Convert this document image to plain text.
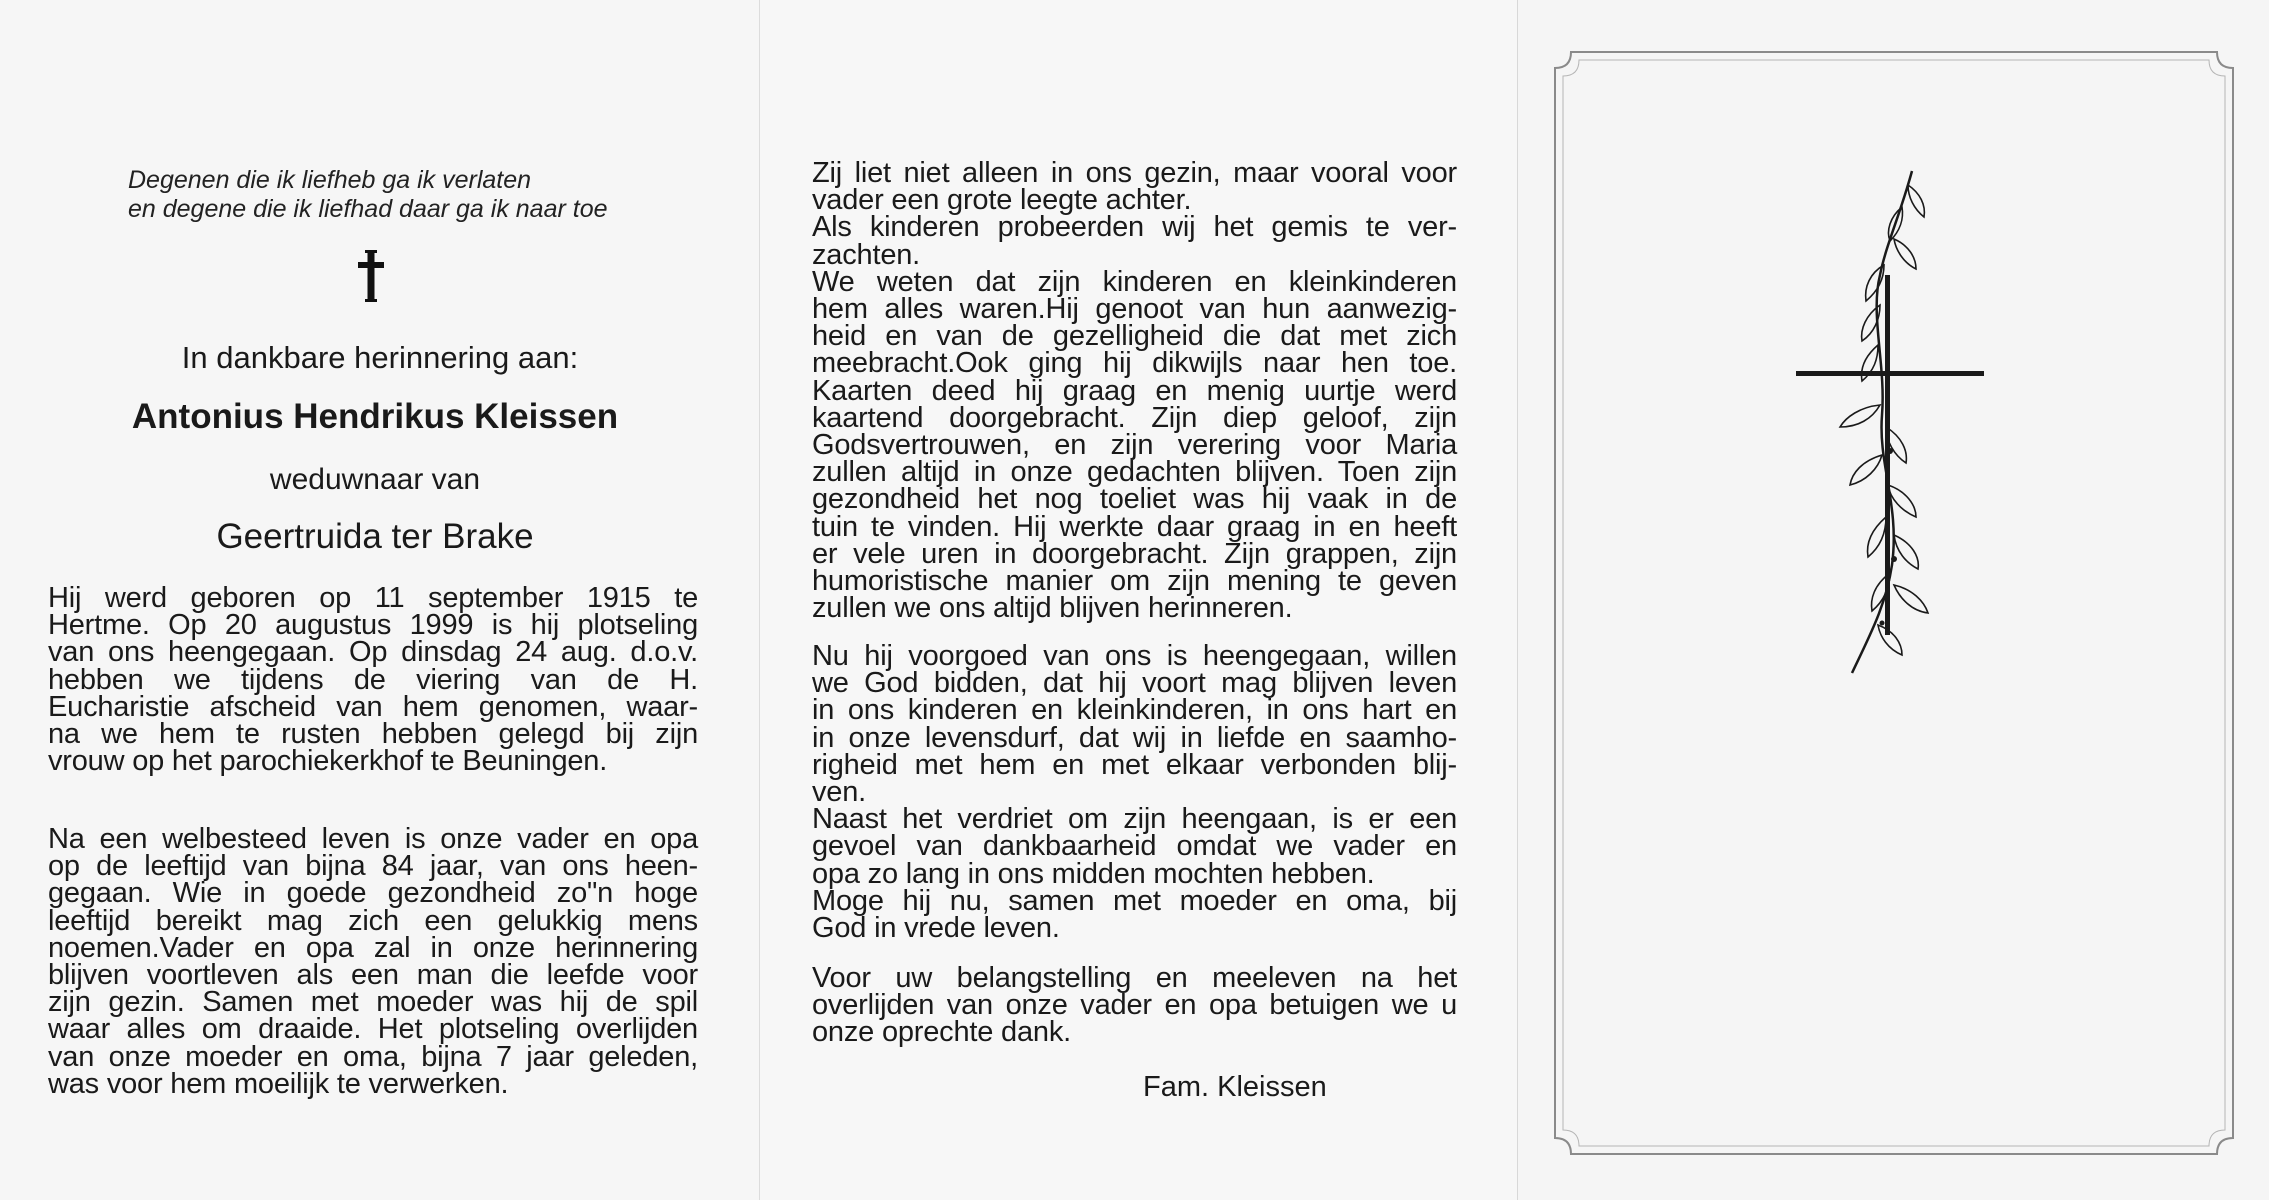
Degenen die ik liefheb ga ik verlaten
en degene die ik liefhad daar ga ik naar toe
In dankbare herinnering aan:
Antonius Hendrikus Kleissen
weduwnaar van
Geertruida ter Brake
Hij werd geboren op 11 september 1915 te
Hertme. Op 20 augustus 1999 is hij plotseling
van ons heengegaan. Op dinsdag 24 aug. d.o.v.
hebben we tijdens de viering van de H.
Eucharistie afscheid van hem genomen, waar-
na we hem te rusten hebben gelegd bij zijn
vrouw op het parochiekerkhof te Beuningen.
Na een welbesteed leven is onze vader en opa
op de leeftijd van bijna 84 jaar, van ons heen-
gegaan. Wie in goede gezondheid zo"n hoge
leeftijd bereikt mag zich een gelukkig mens
noemen.Vader en opa zal in onze herinnering
blijven voortleven als een man die leefde voor
zijn gezin. Samen met moeder was hij de spil
waar alles om draaide. Het plotseling overlijden
van onze moeder en oma, bijna 7 jaar geleden,
was voor hem moeilijk te verwerken.
Zij liet niet alleen in ons gezin, maar vooral voor
vader een grote leegte achter.
Als kinderen probeerden wij het gemis te ver-
zachten.
We weten dat zijn kinderen en kleinkinderen
hem alles waren.Hij genoot van hun aanwezig-
heid en van de gezelligheid die dat met zich
meebracht.Ook ging hij dikwijls naar hen toe.
Kaarten deed hij graag en menig uurtje werd
kaartend doorgebracht. Zijn diep geloof, zijn
Godsvertrouwen, en zijn verering voor Maria
zullen altijd in onze gedachten blijven. Toen zijn
gezondheid het nog toeliet was hij vaak in de
tuin te vinden. Hij werkte daar graag in en heeft
er vele uren in doorgebracht. Zijn grappen, zijn
humoristische manier om zijn mening te geven
zullen we ons altijd blijven herinneren.
Nu hij voorgoed van ons is heengegaan, willen
we God bidden, dat hij voort mag blijven leven
in ons kinderen en kleinkinderen, in ons hart en
in onze levensdurf, dat wij in liefde en saamho-
righeid met hem en met elkaar verbonden blij-
ven.
Naast het verdriet om zijn heengaan, is er een
gevoel van dankbaarheid omdat we vader en
opa zo lang in ons midden mochten hebben.
Moge hij nu, samen met moeder en oma, bij
God in vrede leven.
Voor uw belangstelling en meeleven na het
overlijden van onze vader en opa betuigen we u
onze oprechte dank.
Fam. Kleissen
